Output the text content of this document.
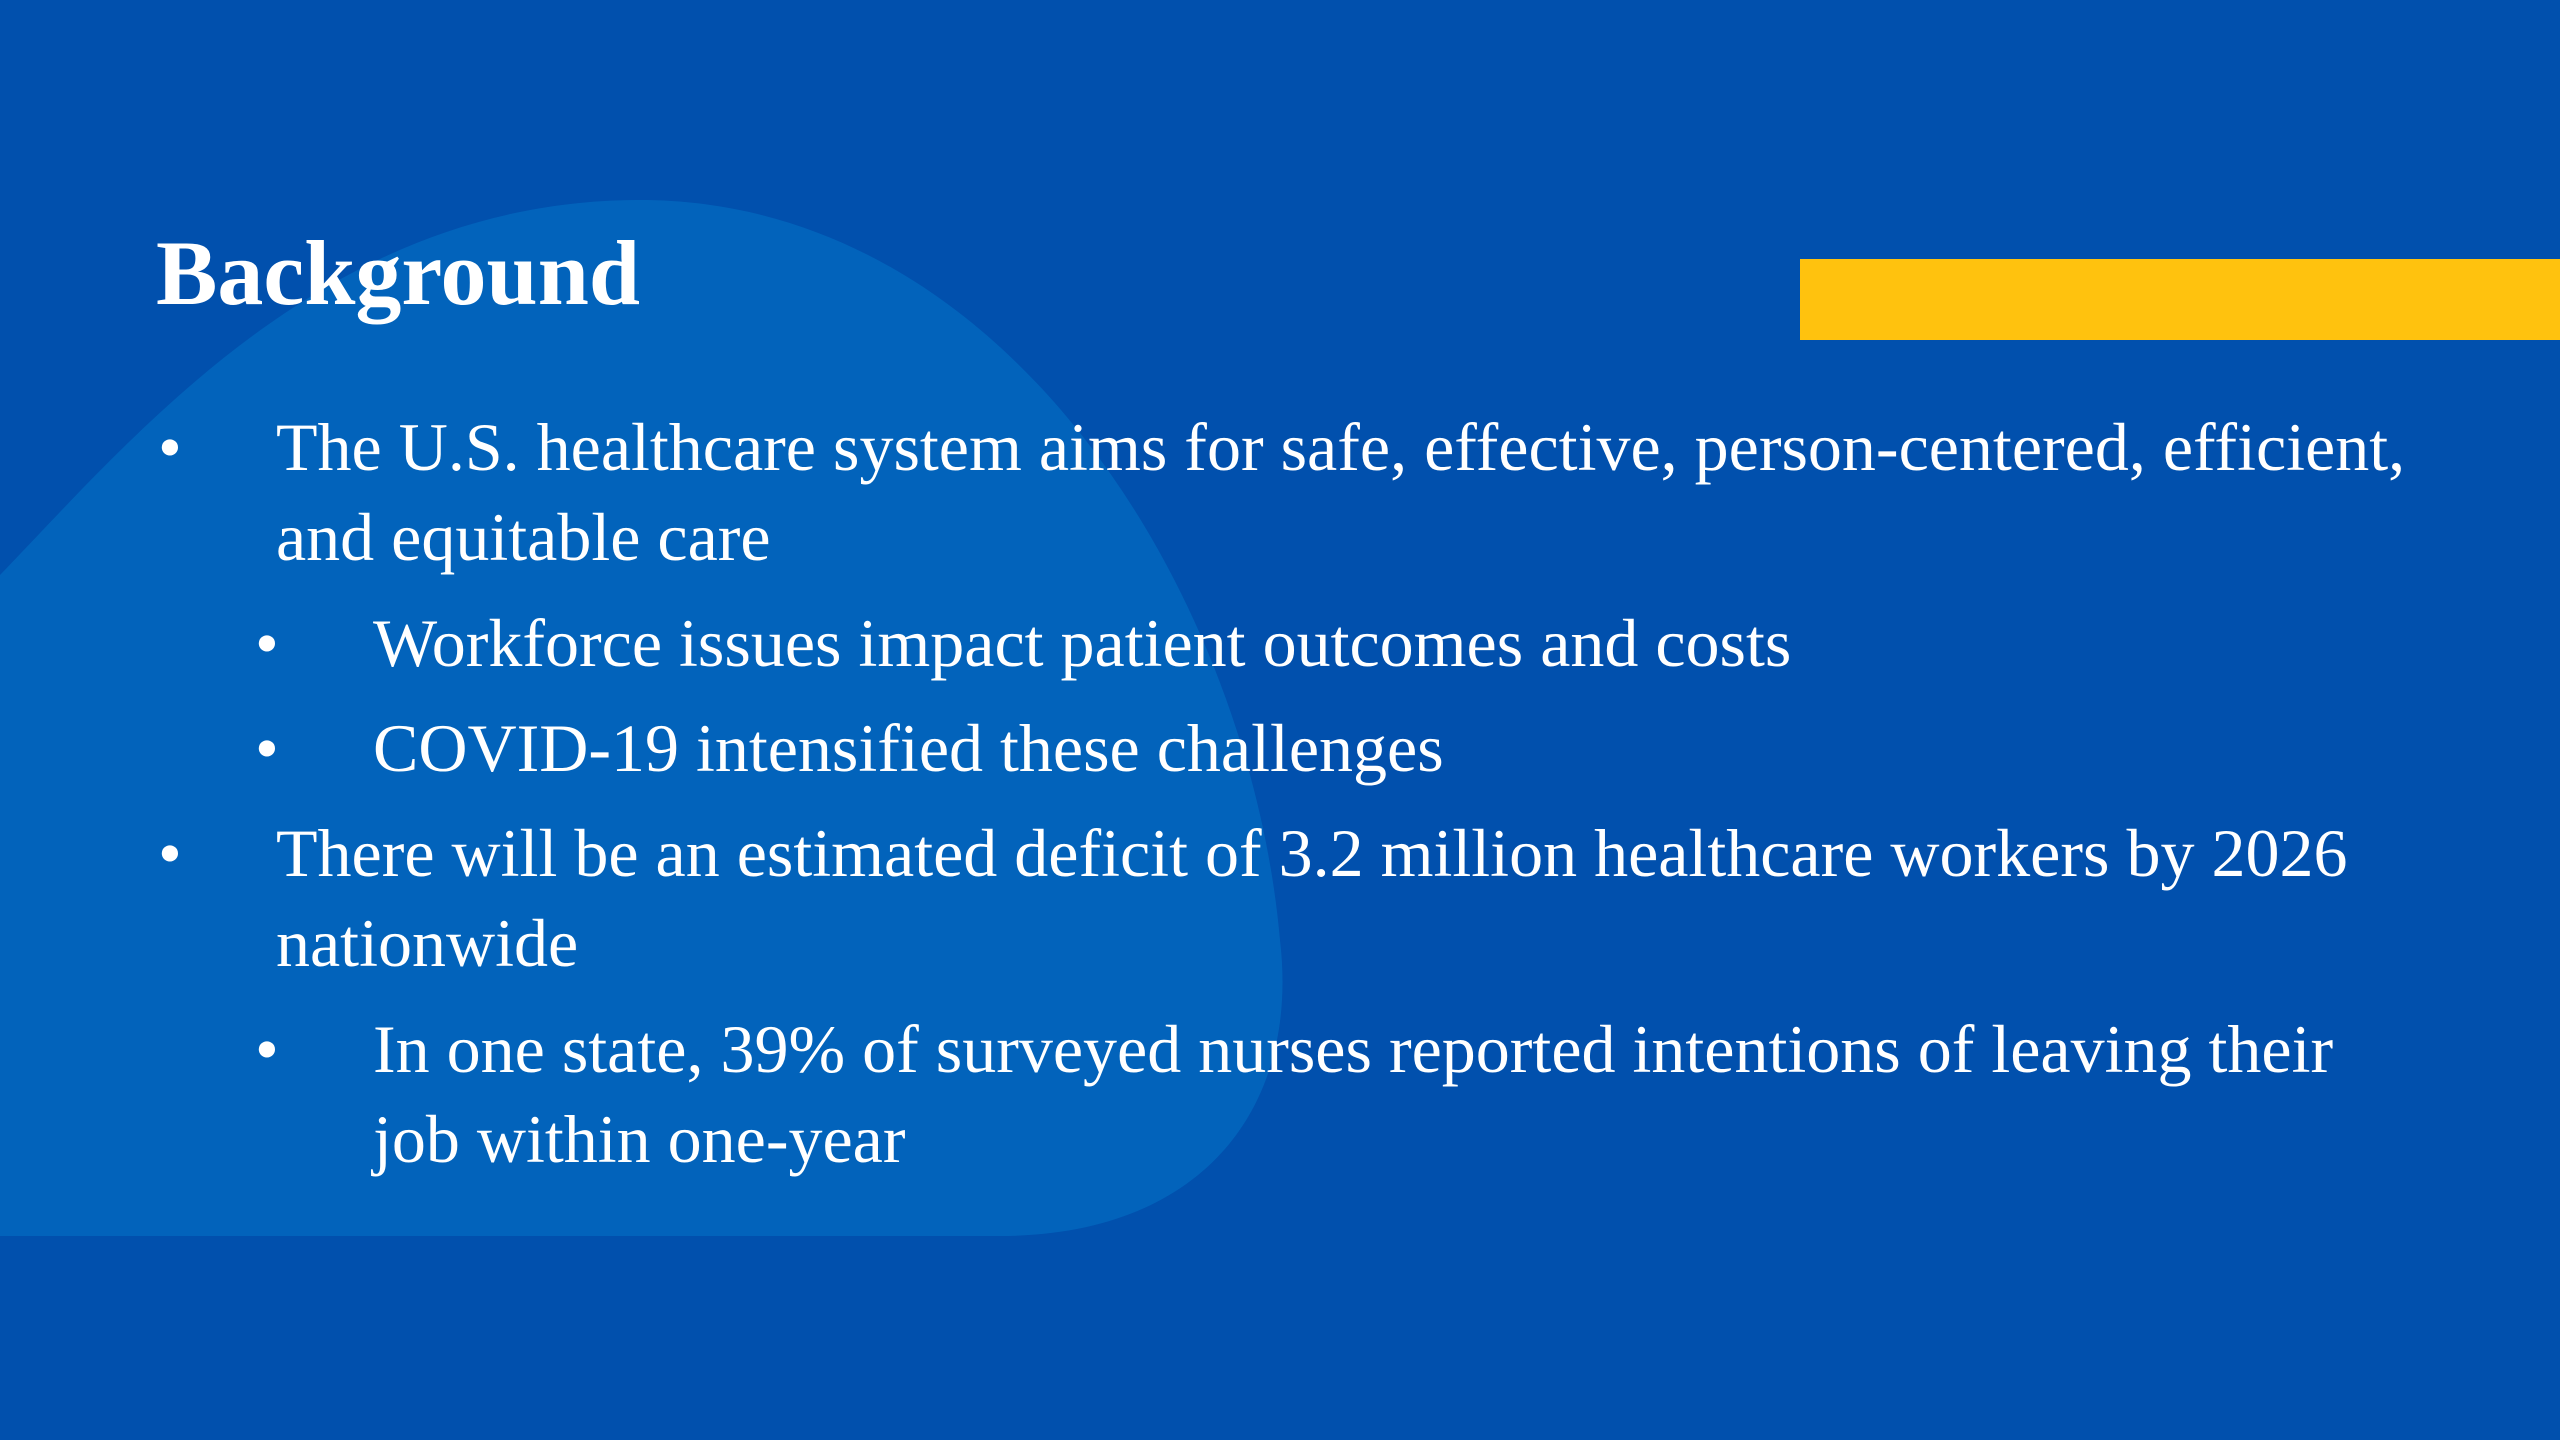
Background
• The U.S. healthcare system aims for safe, effective, person-centered, efficient, and equitable care
• Workforce issues impact patient outcomes and costs
• COVID-19 intensified these challenges
• There will be an estimated deficit of 3.2 million healthcare workers by 2026 nationwide
• In one state, 39% of surveyed nurses reported intentions of leaving their job within one-year
